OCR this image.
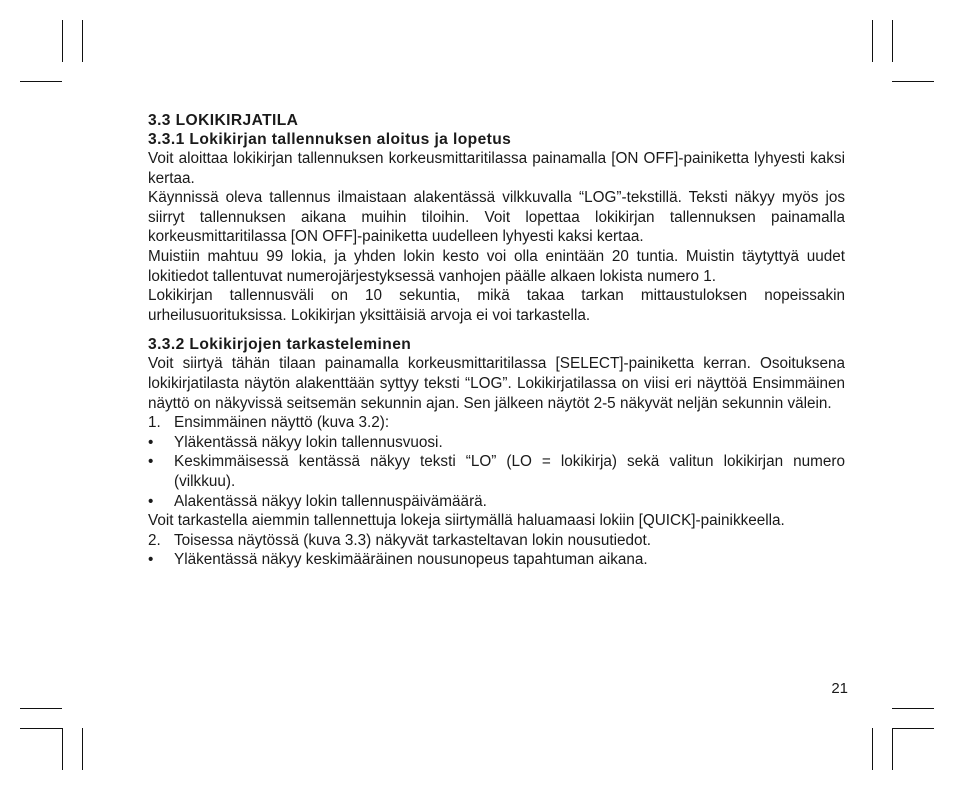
3.3 LOKIKIRJATILA
3.3.1 Lokikirjan tallennuksen aloitus ja lopetus

Voit aloittaa lokikirjan tallennuksen korkeusmittaritilassa painamalla [ON OFF]-painiketta lyhyesti kaksi kertaa.

Käynnissä oleva tallennus ilmaistaan alakentässä vilkkuvalla “LOG”-tekstillä. Teksti näkyy myös jos siirryt tallennuksen aikana muihin tiloihin. Voit lopettaa lokikirjan tallennuksen painamalla korkeusmittaritilassa [ON OFF]-painiketta uudelleen lyhyesti kaksi kertaa.

Muistiin mahtuu 99 lokia, ja yhden lokin kesto voi olla enintään 20 tuntia. Muistin täytyttyä uudet lokitiedot tallentuvat numerojärjestyksessä vanhojen päälle alkaen lokista numero 1.

Lokikirjan tallennusväli on 10 sekuntia, mikä takaa tarkan mittaustuloksen nopeissakin urheilusuorituksissa. Lokikirjan yksittäisiä arvoja ei voi tarkastella.

3.3.2 Lokikirjojen tarkasteleminen

Voit siirtyä tähän tilaan painamalla korkeusmittaritilassa [SELECT]-painiketta kerran. Osoituksena lokikirjatilasta näytön alakenttään syttyy teksti “LOG”. Lokikirjatilassa on viisi eri näyttöä Ensimmäinen näyttö on näkyvissä seitsemän sekunnin ajan. Sen jälkeen näytöt 2-5 näkyvät neljän sekunnin välein.

1. Ensimmäinen näyttö (kuva 3.2):
• Yläkentässä näkyy lokin tallennusvuosi.
• Keskimmäisessä kentässä näkyy teksti “LO” (LO = lokikirja) sekä valitun lokikirjan numero (vilkkuu).
• Alakentässä näkyy lokin tallennuspäivämäärä.

Voit tarkastella aiemmin tallennettuja lokeja siirtymällä haluamaasi lokiin [QUICK]-painikkeella.

2. Toisessa näytössä (kuva 3.3) näkyvät tarkasteltavan lokin nousutiedot.
• Yläkentässä näkyy keskimääräinen nousunopeus tapahtuman aikana.
21
